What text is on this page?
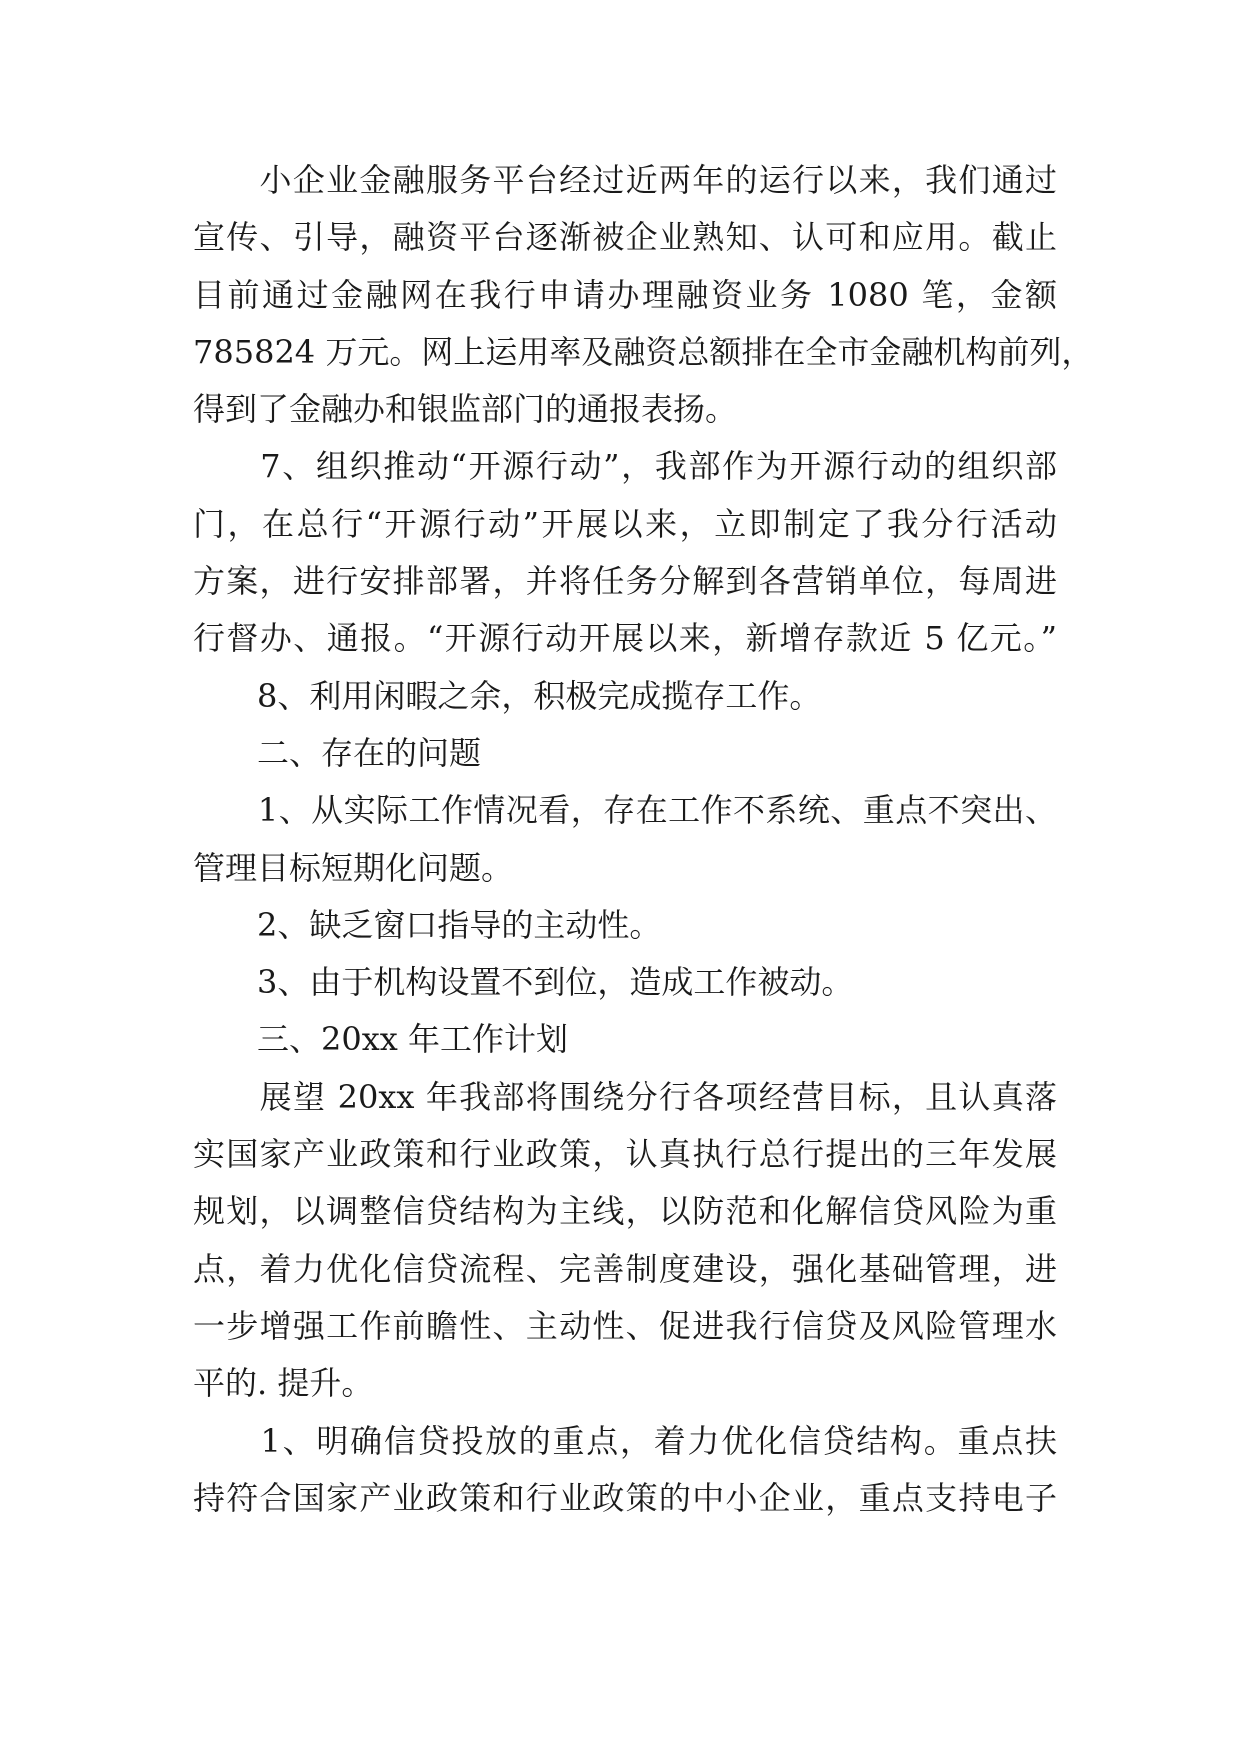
　　小企业金融服务平台经过近两年的运行以来，我们通过
宣传、引导，融资平台逐渐被企业熟知、认可和应用。截止
目前通过金融网在我行申请办理融资业务 1080 笔，金额
785824 万元。网上运用率及融资总额排在全市金融机构前列，
得到了金融办和银监部门的通报表扬。
　　7、组织推动“开源行动”，我部作为开源行动的组织部
门，在总行“开源行动”开展以来，立即制定了我分行活动
方案，进行安排部署，并将任务分解到各营销单位，每周进
行督办、通报。“开源行动开展以来，新增存款近 5 亿元。”
　　8、利用闲暇之余，积极完成揽存工作。
　　二、存在的问题
　　1、从实际工作情况看，存在工作不系统、重点不突出、
管理目标短期化问题。
　　2、缺乏窗口指导的主动性。
　　3、由于机构设置不到位，造成工作被动。
　　三、20xx 年工作计划
　　展望 20xx 年我部将围绕分行各项经营目标，且认真落
实国家产业政策和行业政策，认真执行总行提出的三年发展
规划，以调整信贷结构为主线，以防范和化解信贷风险为重
点，着力优化信贷流程、完善制度建设，强化基础管理，进
一步增强工作前瞻性、主动性、促进我行信贷及风险管理水
平的. 提升。
　　1、明确信贷投放的重点，着力优化信贷结构。重点扶
持符合国家产业政策和行业政策的中小企业，重点支持电子
